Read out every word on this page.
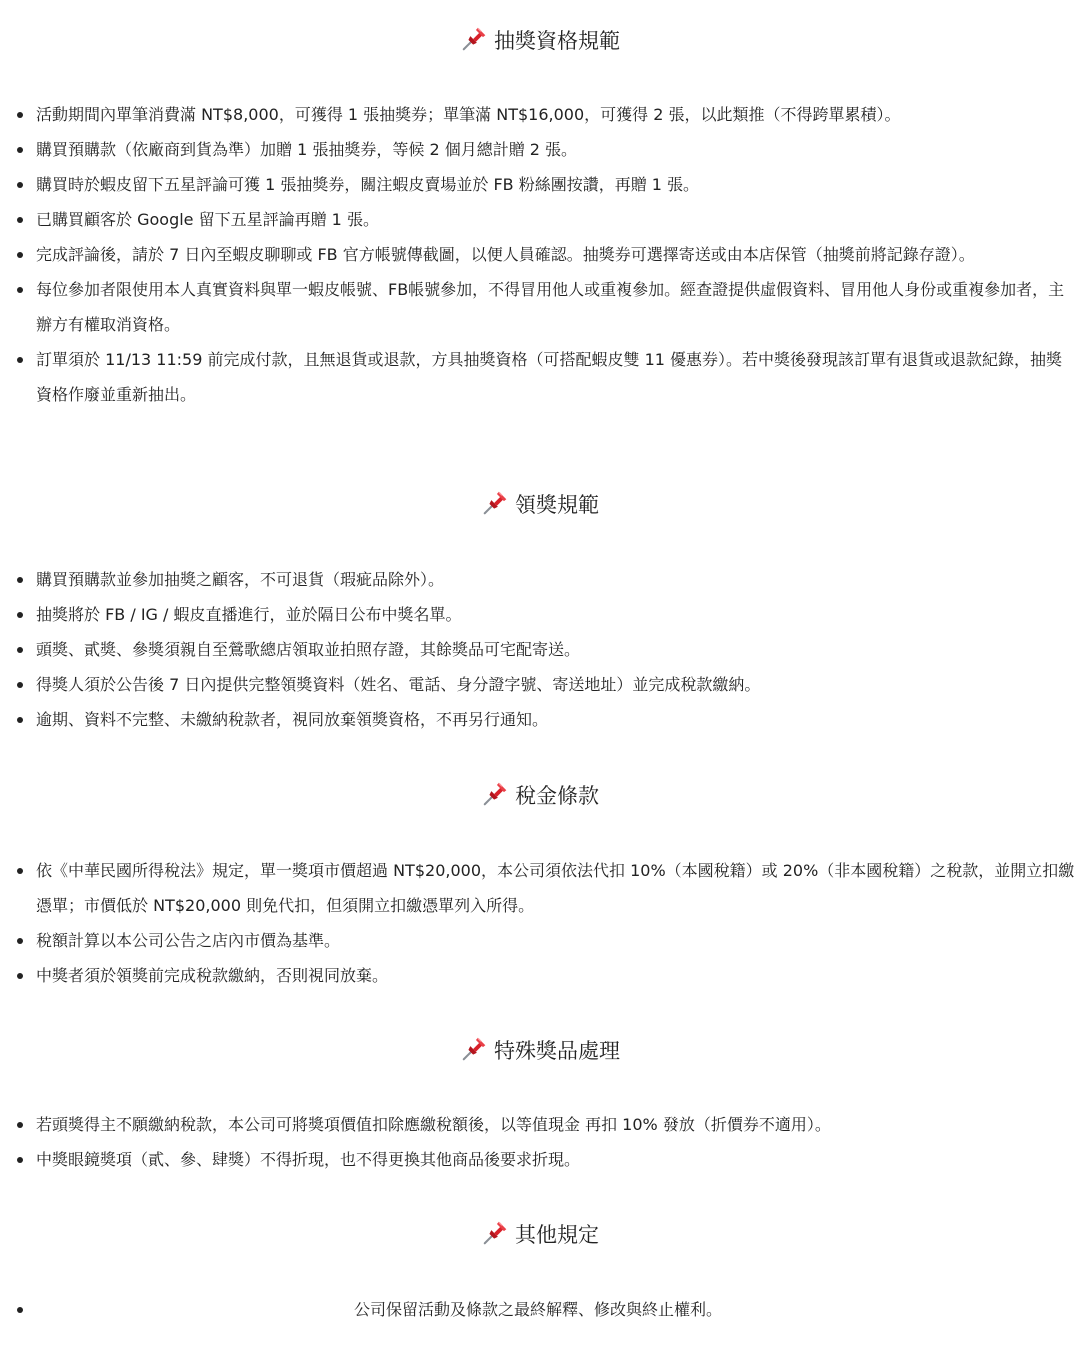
抽獎資格規範
活動期間內單筆消費滿 NT$8,000，可獲得 1 張抽獎券；單筆滿 NT$16,000，可獲得 2 張，以此類推（不得跨單累積）。
購買預購款（依廠商到貨為準）加贈 1 張抽獎券，等候 2 個月總計贈 2 張。
購買時於蝦皮留下五星評論可獲 1 張抽獎券，關注蝦皮賣場並於 FB 粉絲團按讚，再贈 1 張。
已購買顧客於 Google 留下五星評論再贈 1 張。
完成評論後，請於 7 日內至蝦皮聊聊或 FB 官方帳號傳截圖，以便人員確認。抽獎券可選擇寄送或由本店保管（抽獎前將記錄存證）。
每位參加者限使用本人真實資料與單一蝦皮帳號、FB帳號參加，不得冒用他人或重複參加。經查證提供虛假資料、冒用他人身份或重複參加者，主辦方有權取消資格。
訂單須於 11/13 11:59 前完成付款，且無退貨或退款，方具抽獎資格（可搭配蝦皮雙 11 優惠券）。若中獎後發現該訂單有退貨或退款紀錄，抽獎資格作廢並重新抽出。
領獎規範
購買預購款並參加抽獎之顧客，不可退貨（瑕疵品除外）。
抽獎將於 FB / IG / 蝦皮直播進行，並於隔日公布中獎名單。
頭獎、貳獎、參獎須親自至鶯歌總店領取並拍照存證，其餘獎品可宅配寄送。
得獎人須於公告後 7 日內提供完整領獎資料（姓名、電話、身分證字號、寄送地址）並完成稅款繳納。
逾期、資料不完整、未繳納稅款者，視同放棄領獎資格，不再另行通知。
稅金條款
依《中華民國所得稅法》規定，單一獎項市價超過 NT$20,000，本公司須依法代扣 10%（本國稅籍）或 20%（非本國稅籍）之稅款，並開立扣繳憑單；市價低於 NT$20,000 則免代扣，但須開立扣繳憑單列入所得。
稅額計算以本公司公告之店內市價為基準。
中獎者須於領獎前完成稅款繳納，否則視同放棄。
特殊獎品處理
若頭獎得主不願繳納稅款，本公司可將獎項價值扣除應繳稅額後，以等值現金 再扣 10% 發放（折價券不適用）。
中獎眼鏡獎項（貳、參、肆獎）不得折現，也不得更換其他商品後要求折現。
其他規定
公司保留活動及條款之最終解釋、修改與終止權利。
